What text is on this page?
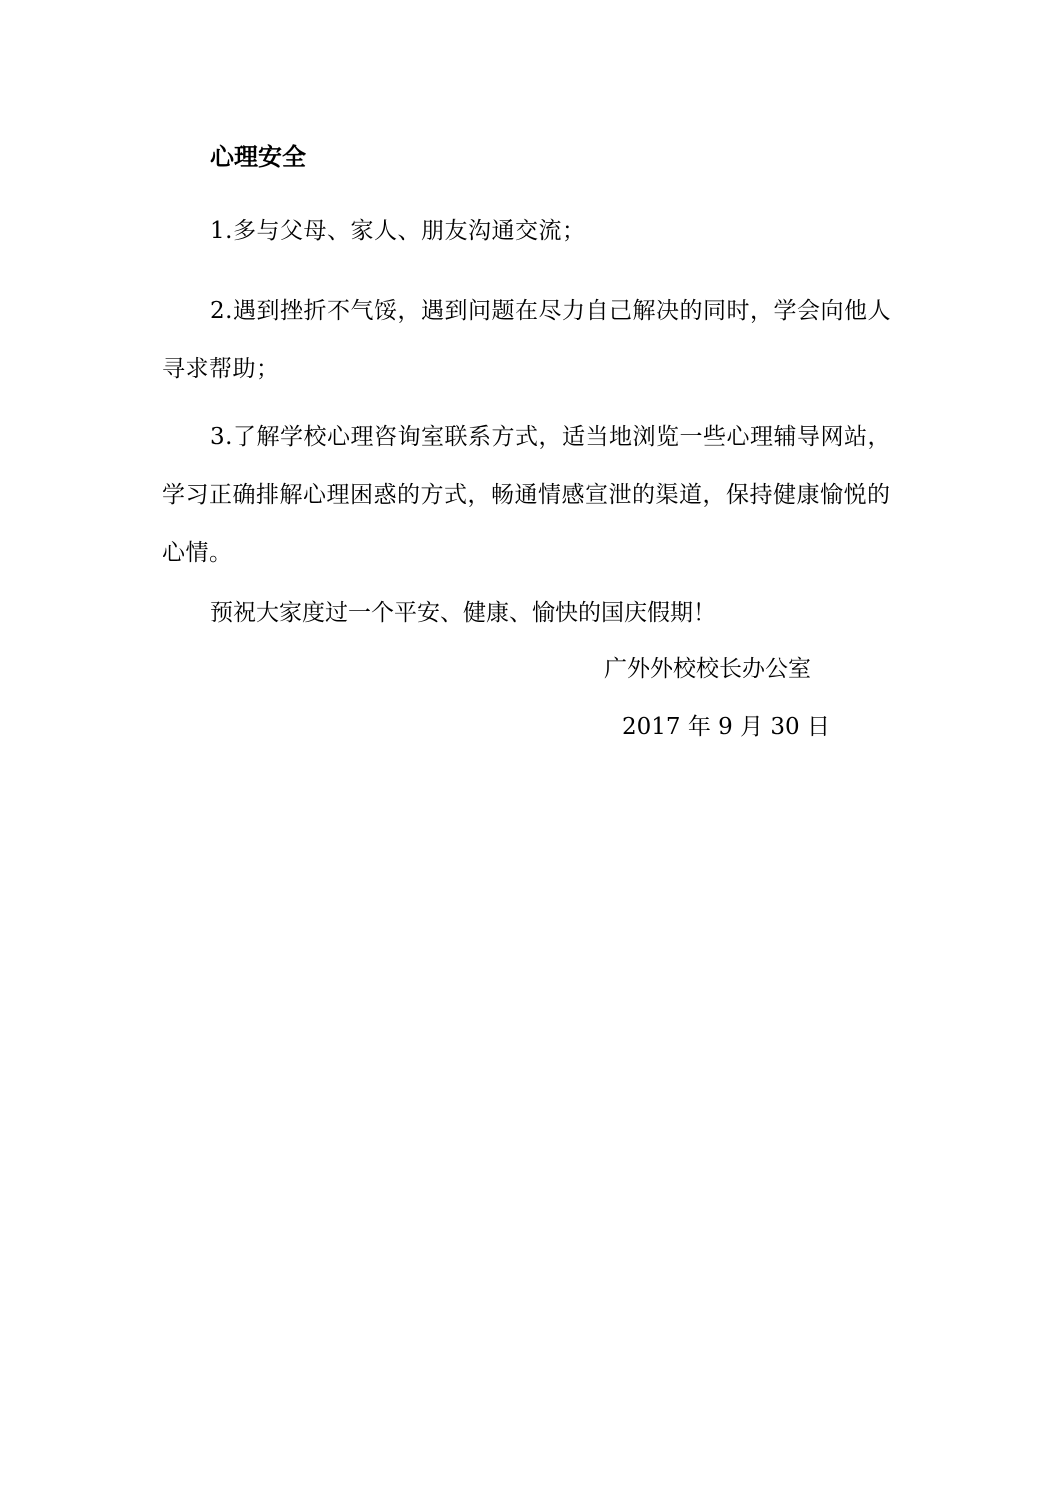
心理安全
1.多与父母、家人、朋友沟通交流；
2.遇到挫折不气馁，遇到问题在尽力自己解决的同时，学会向他人寻求帮助；
3.了解学校心理咨询室联系方式，适当地浏览一些心理辅导网站，学习正确排解心理困惑的方式，畅通情感宣泄的渠道，保持健康愉悦的心情。
预祝大家度过一个平安、健康、愉快的国庆假期！
广外外校校长办公室
2017 年 9 月 30 日
